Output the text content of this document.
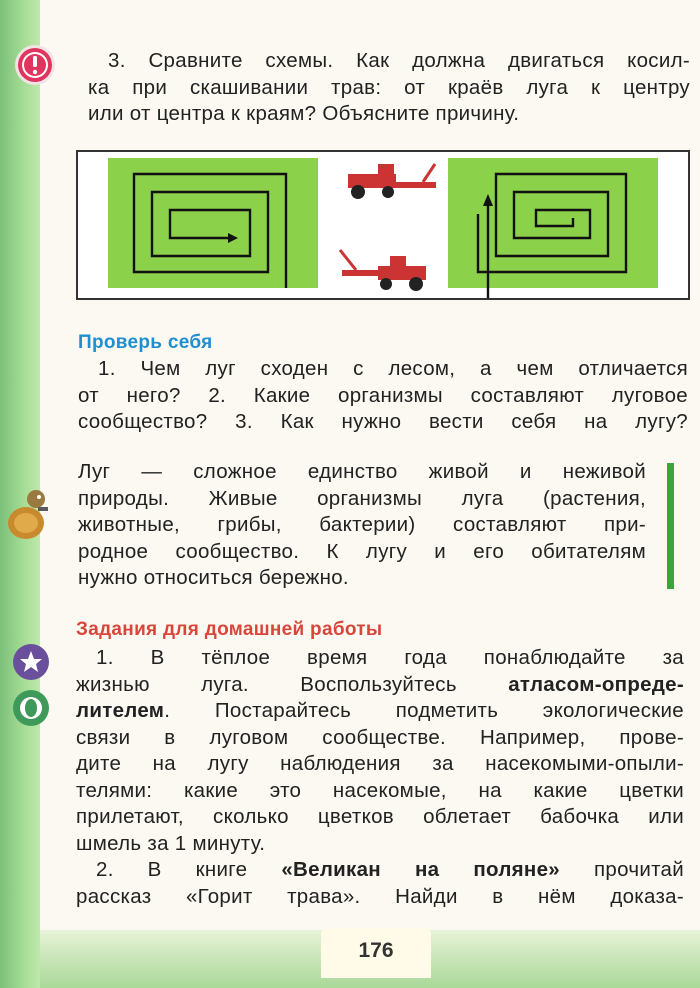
3. Сравните схемы. Как должна двигаться косил-
ка при скашивании трав: от краёв луга к центру
или от центра к краям? Объясните причину.
Проверь себя
1. Чем луг сходен с лесом, а чем отличается
от него? 2. Какие организмы составляют луговое
сообщество? 3. Как нужно вести себя на лугу?
Луг — сложное единство живой и неживой
природы. Живые организмы луга (растения,
животные, грибы, бактерии) составляют при-
родное сообщество. К лугу и его обитателям
нужно относиться бережно.
Задания для домашней работы
1. В тёплое время года понаблюдайте за
жизнью луга. Воспользуйтесь атласом-опреде-
лителем. Постарайтесь подметить экологические
связи в луговом сообществе. Например, прове-
дите на лугу наблюдения за насекомыми-опыли-
телями: какие это насекомые, на какие цветки
прилетают, сколько цветков облетает бабочка или
шмель за 1 минуту.
2. В книге «Великан на поляне» прочитай
рассказ «Горит трава». Найди в нём доказа-
176
